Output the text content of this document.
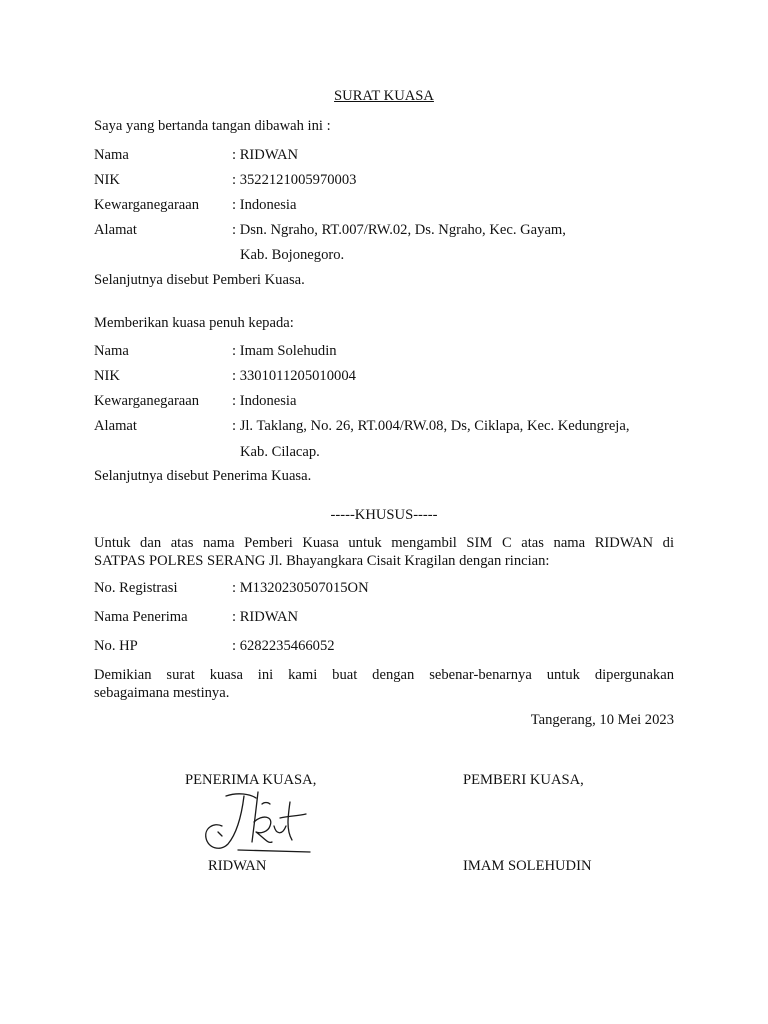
SURAT KUASA
Saya yang bertanda tangan dibawah ini :
Nama	: RIDWAN
NIK	: 3522121005970003
Kewarganegaraan : Indonesia
Alamat	: Dsn. Ngraho, RT.007/RW.02, Ds. Ngraho, Kec. Gayam,
Kab. Bojonegoro.
Selanjutnya disebut Pemberi Kuasa.
Memberikan kuasa penuh kepada:
Nama	: Imam Solehudin
NIK	: 3301011205010004
Kewarganegaraan : Indonesia
Alamat	: Jl. Taklang, No. 26, RT.004/RW.08, Ds, Ciklapa, Kec. Kedungreja,
Kab. Cilacap.
Selanjutnya disebut Penerima Kuasa.
-----KHUSUS-----
Untuk dan atas nama Pemberi Kuasa untuk mengambil SIM C atas nama RIDWAN di
SATPAS POLRES SERANG Jl. Bhayangkara Cisait Kragilan dengan rincian:
No. Registrasi	: M1320230507015ON
Nama Penerima	: RIDWAN
No. HP	: 6282235466052
Demikian surat kuasa ini kami buat dengan sebenar-benarnya untuk dipergunakan
sebagaimana mestinya.
Tangerang, 10 Mei 2023
PENERIMA KUASA,	PEMBERI KUASA,
RIDWAN	IMAM SOLEHUDIN
